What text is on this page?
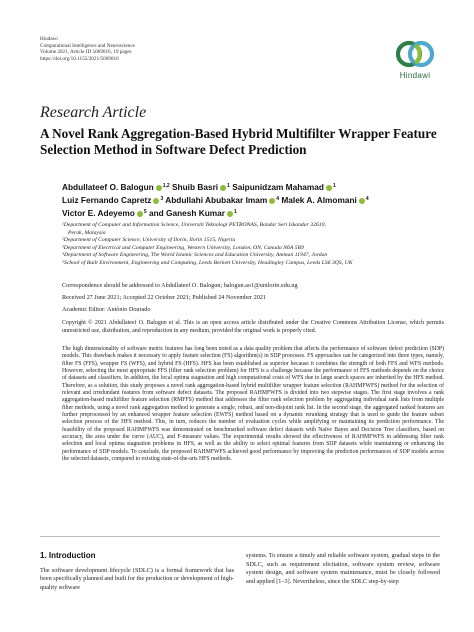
Hindawi
Computational Intelligence and Neuroscience
Volume 2021, Article ID 5069016, 19 pages
https://doi.org/10.1155/2021/5069016
Hindawi
Research Article
A Novel Rank Aggregation-Based Hybrid Multifilter Wrapper Feature Selection Method in Software Defect Prediction
Abdullateef O. Balogun $^{1,2}$ Shuib Basri $^1$ Saipunidzam Mahamad $^1$
Luiz Fernando Capretz $^3$ Abdullahi Abubakar Imam $^4$ Malek A. Almomani $^4$
Victor E. Adeyemo $^5$ and Ganesh Kumar $^1$
¹Department of Computer and Information Science, Universiti Teknologi PETRONAS, Bandar Seri Iskandar 32610,
Perak, Malaysia
²Department of Computer Science, University of Ilorin, Ilorin 1515, Nigeria
³Department of Electrical and Computer Engineering, Western University, London, ON, Canada N6A 5B9
⁴Department of Software Engineering, The World Islamic Sciences and Education University, Amman 11947, Jordan
⁵School of Built Environment, Engineering and Computing, Leeds Beckett University, Headingley Campus, Leeds LS6 3QS, UK
Correspondence should be addressed to Abdullateef O. Balogun; balogun.ao1@unilorin.edu.ng
Received 27 June 2021; Accepted 22 October 2021; Published 24 November 2021
Academic Editor: António Dourado
Copyright © 2021 Abdullateef O. Balogun et al. This is an open access article distributed under the Creative Commons Attribution License, which permits unrestricted use, distribution, and reproduction in any medium, provided the original work is properly cited.
The high dimensionality of software metric features has long been noted as a data quality problem that affects the performance of software defect prediction (SDP) models. This drawback makes it necessary to apply feature selection (FS) algorithm(s) in SDP processes. FS approaches can be categorized into three types, namely, filter FS (FFS), wrapper FS (WFS), and hybrid FS (HFS). HFS has been established as superior because it combines the strength of both FFS and WFS methods. However, selecting the most appropriate FFS (filter rank selection problem) for HFS is a challenge because the performance of FFS methods depends on the choice of datasets and classifiers. In addition, the local optima stagnation and high computational costs of WFS due to large search spaces are inherited by the HFS method. Therefore, as a solution, this study proposes a novel rank aggregation-based hybrid multifilter wrapper feature selection (RAHMFWFS) method for the selection of relevant and irredundant features from software defect datasets. The proposed RAHMFWFS is divided into two stepwise stages. The first stage involves a rank aggregation-based multifilter feature selection (RMFFS) method that addresses the filter rank selection problem by aggregating individual rank lists from multiple filter methods, using a novel rank aggregation method to generate a single, robust, and non-disjoint rank list. In the second stage, the aggregated ranked features are further preprocessed by an enhanced wrapper feature selection (EWFS) method based on a dynamic reranking strategy that is used to guide the feature subset selection process of the HFS method. This, in turn, reduces the number of evaluation cycles while amplifying or maintaining its prediction performance. The feasibility of the proposed RAHMFWFS was demonstrated on benchmarked software defect datasets with Naïve Bayes and Decision Tree classifiers, based on accuracy, the area under the curve (AUC), and F-measure values. The experimental results showed the effectiveness of RAHMFWFS in addressing filter rank selection and local optima stagnation problems in HFS, as well as the ability to select optimal features from SDP datasets while maintaining or enhancing the performance of SDP models. To conclude, the proposed RAHMFWFS achieved good performance by improving the prediction performances of SDP models across the selected datasets, compared to existing state-of-the-arts HFS methods.
1. Introduction
The software development lifecycle (SDLC) is a formal framework that has been specifically planned and built for the production or development of high-quality software
systems. To ensure a timely and reliable software system, gradual steps in the SDLC, such as requirement elicitation, software system review, software system design, and software system maintenance, must be closely followed and applied [1–3]. Nevertheless, since the SDLC step-by-step
